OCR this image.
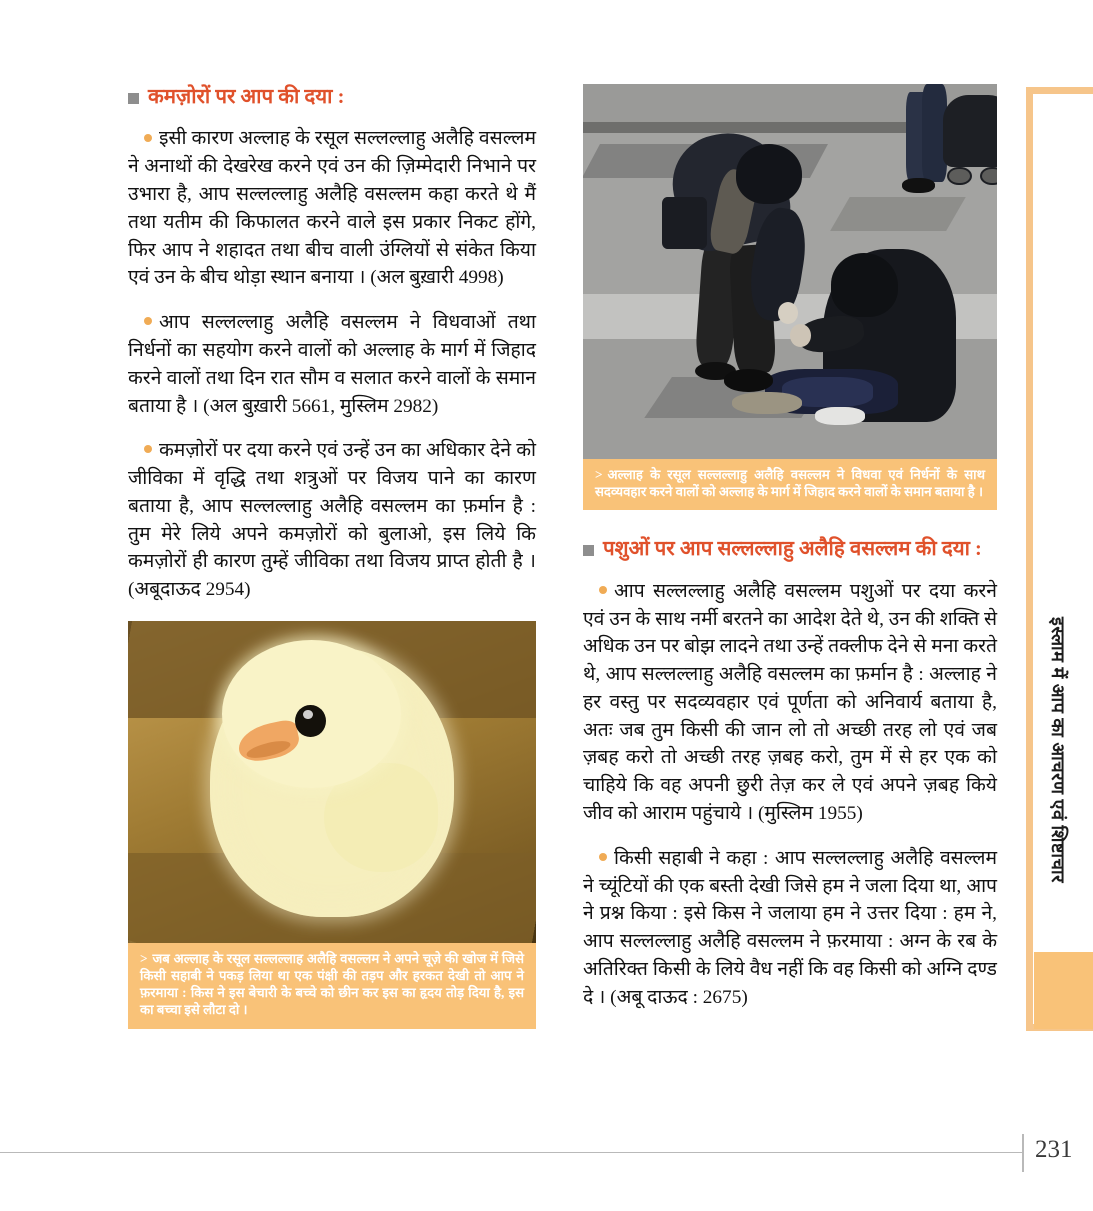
इस्लाम में आप का आचरण एवं शिष्टाचार
कमज़ोरों पर आप की दया :

इसी कारण अल्लाह के रसूल सल्लल्लाहु अलैहि वसल्लम ने अनाथों की देखरेख करने एवं उन की ज़िम्मेदारी निभाने पर उभारा है, आप सल्लल्लाहु अलैहि वसल्लम कहा करते थे मैं तथा यतीम की किफालत करने वाले इस प्रकार निकट होंगे, फिर आप ने शहादत तथा बीच वाली उंग्लियों से संकेत किया एवं उन के बीच थोड़ा स्थान बनाया । (अल बुख़ारी 4998)

आप सल्लल्लाहु अलैहि वसल्लम ने विधवाओं तथा निर्धनों का सहयोग करने वालों को अल्लाह के मार्ग में जिहाद करने वालों तथा दिन रात सौम व सलात करने वालों के समान बताया है । (अल बुख़ारी 5661, मुस्लिम 2982)

कमज़ोरों पर दया करने एवं उन्हें उन का अधिकार देने को जीविका में वृद्धि तथा शत्रुओं पर विजय पाने का कारण बताया है, आप सल्लल्लाहु अलैहि वसल्लम का फ़र्मान है : तुम मेरे लिये अपने कमज़ोरों को बुलाओ, इस लिये कि कमज़ोरों ही कारण तुम्हें जीविका तथा विजय प्राप्त होती है । (अबूदाऊद 2954)

> जब अल्लाह के रसूल सल्लल्लाह अलैहि वसल्लम ने अपने चूज़े की खोज में जिसे किसी सहाबी ने पकड़ लिया था एक पंक्षी की तड़प और हरकत देखी तो आप ने फ़रमाया : किस ने इस बेचारी के बच्चे को छीन कर इस का हृदय तोड़ दिया है, इस का बच्चा इसे लौटा दो ।
> अल्लाह के रसूल सल्लल्लाहु अलैहि वसल्लम ने विधवा एवं निर्धनों के साथ सदव्यवहार करने वालों को अल्लाह के मार्ग में जिहाद करने वालों के समान बताया है ।
पशुओं पर आप सल्लल्लाहु अलैहि वसल्लम की दया :

आप सल्लल्लाहु अलैहि वसल्लम पशुओं पर दया करने एवं उन के साथ नर्मी बरतने का आदेश देते थे, उन की शक्ति से अधिक उन पर बोझ लादने तथा उन्हें तक्लीफ देने से मना करते थे, आप सल्लल्लाहु अलैहि वसल्लम का फ़र्मान है : अल्लाह ने हर वस्तु पर सदव्यवहार एवं पूर्णता को अनिवार्य बताया है, अतः जब तुम किसी की जान लो तो अच्छी तरह लो एवं जब ज़बह करो तो अच्छी तरह ज़बह करो, तुम में से हर एक को चाहिये कि वह अपनी छुरी तेज़ कर ले एवं अपने ज़बह किये जीव को आराम पहुंचाये । (मुस्लिम 1955)

किसी सहाबी ने कहा : आप सल्लल्लाहु अलैहि वसल्लम ने च्यूंटियों की एक बस्ती देखी जिसे हम ने जला दिया था, आप ने प्रश्न किया : इसे किस ने जलाया हम ने उत्तर दिया : हम ने, आप सल्लल्लाहु अलैहि वसल्लम ने फ़रमाया : अग्न के रब के अतिरिक्त किसी के लिये वैध नहीं कि वह किसी को अग्नि दण्ड दे । (अबू दाऊद : 2675)

231
